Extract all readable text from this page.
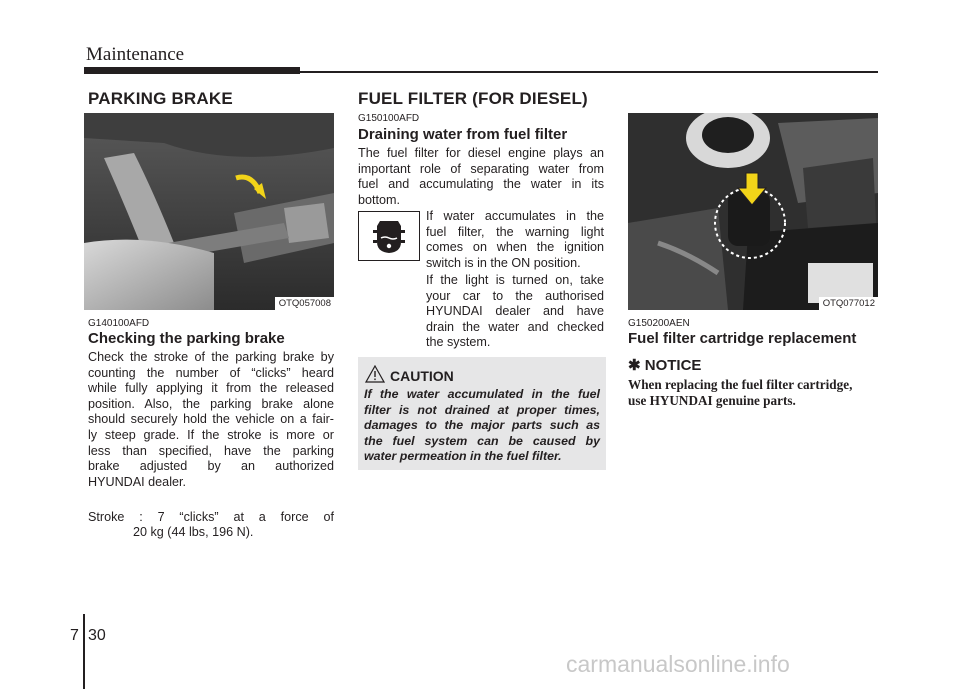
Maintenance
PARKING BRAKE
OTQ057008
G140100AFD
Checking the parking brake
Check the stroke of the parking brake by
counting the number of “clicks” heard
while fully applying it from the released
position. Also, the parking brake alone
should securely hold the vehicle on a fair-
ly steep grade. If the stroke is more or
less than specified, have the parking
brake adjusted by an authorized
HYUNDAI dealer.
Stroke : 7 “clicks” at a force of
20 kg (44 lbs, 196 N).
FUEL FILTER (FOR DIESEL)
G150100AFD
Draining water from fuel filter
The fuel filter for diesel engine plays an
important role of separating water from
fuel and accumulating the water in its
bottom.
If water accumulates in the
fuel filter, the warning light
comes on when the ignition
switch is in the ON position.
If the light is turned on, take
your car to the authorised
HYUNDAI dealer and have
drain the water and checked
the system.
CAUTION
If the water accumulated in the fuel
filter is not drained at proper times,
damages to the major parts such as
the fuel system can be caused by
water permeation in the fuel filter.
OTQ077012
G150200AEN
Fuel filter cartridge replacement
✱ NOTICE
When replacing the fuel filter cartridge,
use HYUNDAI genuine parts.
7 30
carmanualsonline.info
